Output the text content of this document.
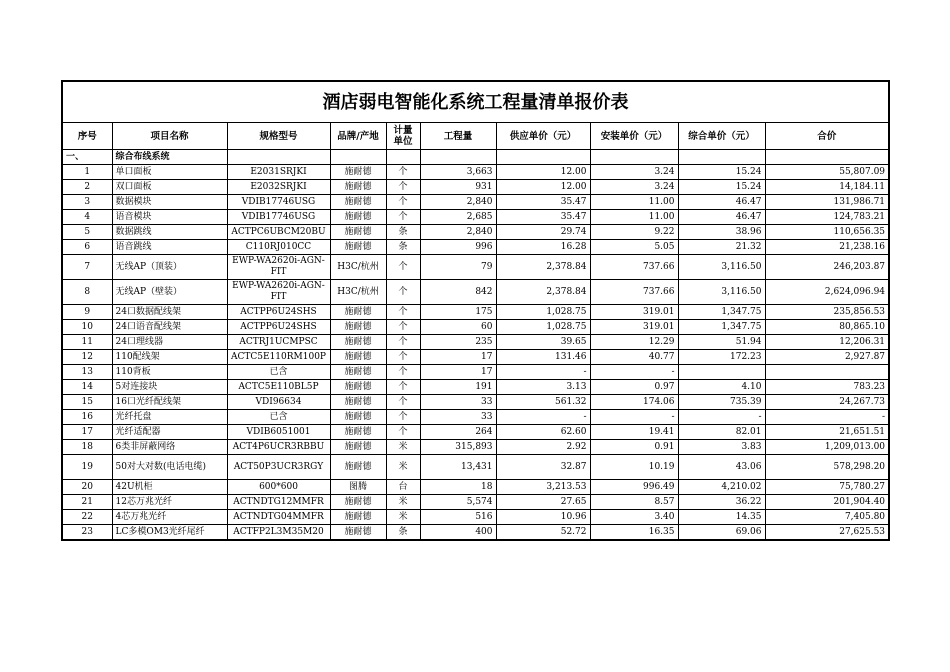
酒店弱电智能化系统工程量清单报价表									
序号	项目名称	规格型号	品牌/产地	计量单位	工程量	供应单价（元）	安装单价（元）	综合单价（元）	合价
一、	综合布线系统								
1	单口面板	E2031SRJKI	施耐德	个	3,663	12.00	3.24	15.24	55,807.09
2	双口面板	E2032SRJKI	施耐德	个	931	12.00	3.24	15.24	14,184.11
3	数据模块	VDIB17746USG	施耐德	个	2,840	35.47	11.00	46.47	131,986.71
4	语音模块	VDIB17746USG	施耐德	个	2,685	35.47	11.00	46.47	124,783.21
5	数据跳线	ACTPC6UBCM20BU	施耐德	条	2,840	29.74	9.22	38.96	110,656.35
6	语音跳线	C110RJ010CC	施耐德	条	996	16.28	5.05	21.32	21,238.16
7	无线AP（顶装）	EWP-WA2620i-AGN-FIT	H3C/杭州	个	79	2,378.84	737.66	3,116.50	246,203.87
8	无线AP（壁装）	EWP-WA2620i-AGN-FIT	H3C/杭州	个	842	2,378.84	737.66	3,116.50	2,624,096.94
9	24口数据配线架	ACTPP6U24SHS	施耐德	个	175	1,028.75	319.01	1,347.75	235,856.53
10	24口语音配线架	ACTPP6U24SHS	施耐德	个	60	1,028.75	319.01	1,347.75	80,865.10
11	24口理线器	ACTRJ1UCMPSC	施耐德	个	235	39.65	12.29	51.94	12,206.31
12	110配线架	ACTC5E110RM100P	施耐德	个	17	131.46	40.77	172.23	2,927.87
13	110背板	已含	施耐德	个	17	-	-		
14	5对连接块	ACTC5E110BL5P	施耐德	个	191	3.13	0.97	4.10	783.23
15	16口光纤配线架	VDI96634	施耐德	个	33	561.32	174.06	735.39	24,267.73
16	光纤托盘	已含	施耐德	个	33	-	-	-	-
17	光纤适配器	VDIB6051001	施耐德	个	264	62.60	19.41	82.01	21,651.51
18	6类非屏蔽网络	ACT4P6UCR3RBBU	施耐德	米	315,893	2.92	0.91	3.83	1,209,013.00
19	50对大对数(电话电缆)	ACT50P3UCR3RGY	施耐德	米	13,431	32.87	10.19	43.06	578,298.20
20	42U机柜	600*600	图腾	台	18	3,213.53	996.49	4,210.02	75,780.27
21	12芯万兆光纤	ACTNDTG12MMFR	施耐德	米	5,574	27.65	8.57	36.22	201,904.40
22	4芯万兆光纤	ACTNDTG04MMFR	施耐德	米	516	10.96	3.40	14.35	7,405.80
23	LC多模OM3光纤尾纤	ACTFP2L3M35M20	施耐德	条	400	52.72	16.35	69.06	27,625.53
